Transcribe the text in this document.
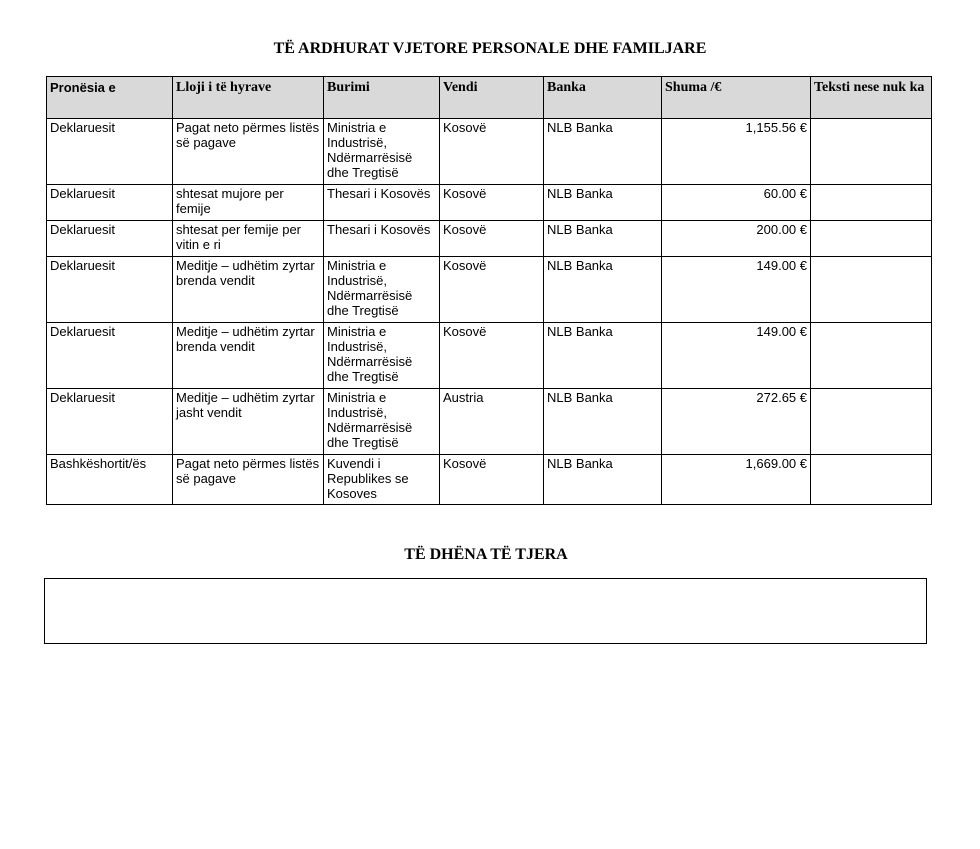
TË ARDHURAT VJETORE PERSONALE DHE FAMILJARE
Pronësia e	Lloji i të hyrave	Burimi	Vendi	Banka	Shuma /€	Teksti nese nuk ka
Deklaruesit	Pagat neto përmes listës së pagave	Ministria e Industrisë, Ndërmarrësisë dhe Tregtisë	Kosovë	NLB Banka	1,155.56 €	
Deklaruesit	shtesat mujore per femije	Thesari i Kosovës	Kosovë	NLB Banka	60.00 €	
Deklaruesit	shtesat per femije per vitin e ri	Thesari i Kosovës	Kosovë	NLB Banka	200.00 €	
Deklaruesit	Meditje – udhëtim zyrtar brenda vendit	Ministria e Industrisë, Ndërmarrësisë dhe Tregtisë	Kosovë	NLB Banka	149.00 €	
Deklaruesit	Meditje – udhëtim zyrtar brenda vendit	Ministria e Industrisë, Ndërmarrësisë dhe Tregtisë	Kosovë	NLB Banka	149.00 €	
Deklaruesit	Meditje – udhëtim zyrtar jasht vendit	Ministria e Industrisë, Ndërmarrësisë dhe Tregtisë	Austria	NLB Banka	272.65 €	
Bashkëshortit/ës	Pagat neto përmes listës së pagave	Kuvendi i Republikes se Kosoves	Kosovë	NLB Banka	1,669.00 €	
TË DHËNA TË TJERA
